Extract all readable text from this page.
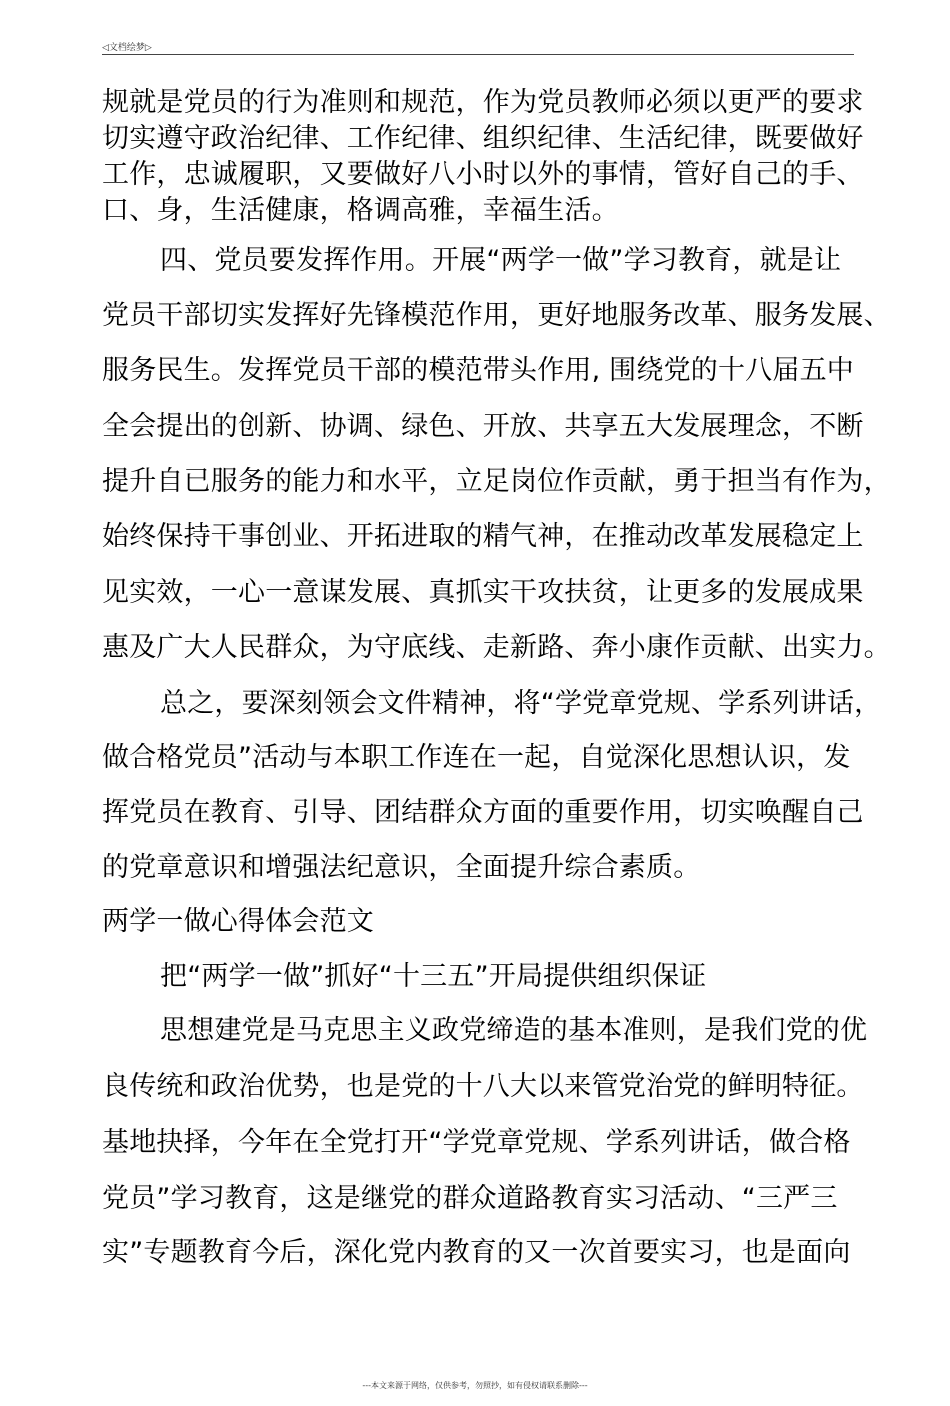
◁文档绘梦▷
规就是党员的行为准则和规范，作为党员教师必须以更严的要求
切实遵守政治纪律、工作纪律、组织纪律、生活纪律，既要做好
工作，忠诚履职，又要做好八小时以外的事情，管好自己的手、
口、身，生活健康，格调高雅，幸福生活。
四、党员要发挥作用。开展“两学一做”学习教育，就是让
党员干部切实发挥好先锋模范作用，更好地服务改革、服务发展、
服务民生。发挥党员干部的模范带头作用, 围绕党的十八届五中
全会提出的创新、协调、绿色、开放、共享五大发展理念，不断
提升自已服务的能力和水平，立足岗位作贡献，勇于担当有作为，
始终保持干事创业、开拓进取的精气神，在推动改革发展稳定上
见实效，一心一意谋发展、真抓实干攻扶贫，让更多的发展成果
惠及广大人民群众，为守底线、走新路、奔小康作贡献、出实力。
总之，要深刻领会文件精神，将“学党章党规、学系列讲话，
做合格党员”活动与本职工作连在一起，自觉深化思想认识，发
挥党员在教育、引导、团结群众方面的重要作用，切实唤醒自己
的党章意识和增强法纪意识，全面提升综合素质。
两学一做心得体会范文
把“两学一做”抓好“十三五”开局提供组织保证
思想建党是马克思主义政党缔造的基本准则，是我们党的优
良传统和政治优势，也是党的十八大以来管党治党的鲜明特征。
基地抉择，今年在全党打开“学党章党规、学系列讲话，做合格
党员”学习教育，这是继党的群众道路教育实习活动、“三严三
实”专题教育今后，深化党内教育的又一次首要实习，也是面向
---本文来源于网络，仅供参考，勿照抄，如有侵权请联系删除---
